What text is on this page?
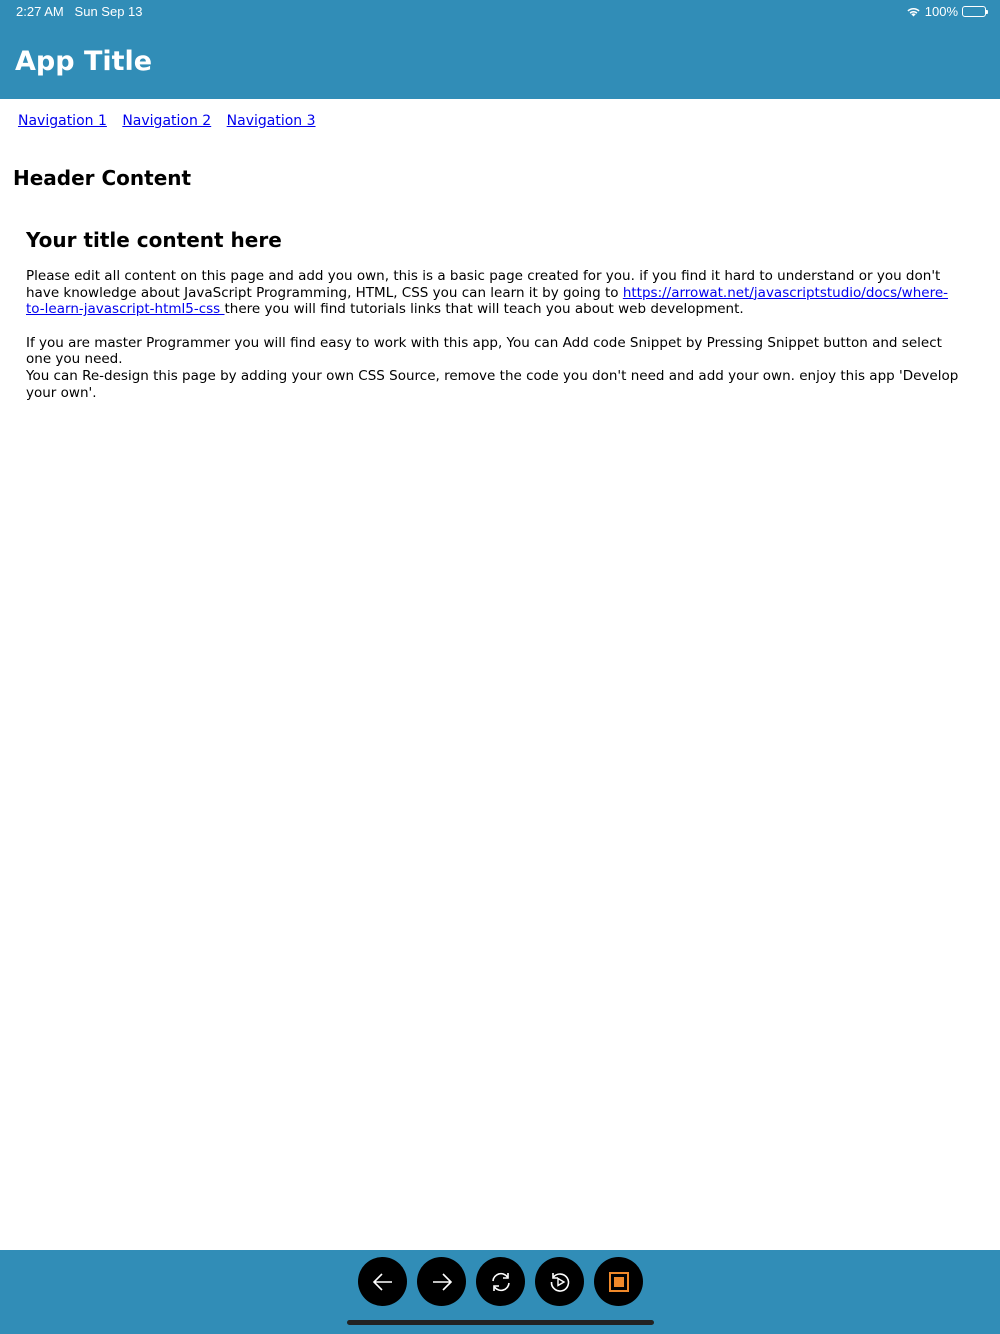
2:27 AM Sun Sep 13	100%
App Title
Navigation 1 Navigation 2 Navigation 3
Header Content
Your title content here

Please edit all content on this page and add you own, this is a basic page created for you. if you find it hard to understand or you don't have knowledge about JavaScript Programming, HTML, CSS you can learn it by going to https://arrowat.net/javascriptstudio/docs/where-to-learn-javascript-html5-css there you will find tutorials links that will teach you about web development.

If you are master Programmer you will find easy to work with this app, You can Add code Snippet by Pressing Snippet button and select one you need.

You can Re-design this page by adding your own CSS Source, remove the code you don't need and add your own. enjoy this app 'Develop your own'.
